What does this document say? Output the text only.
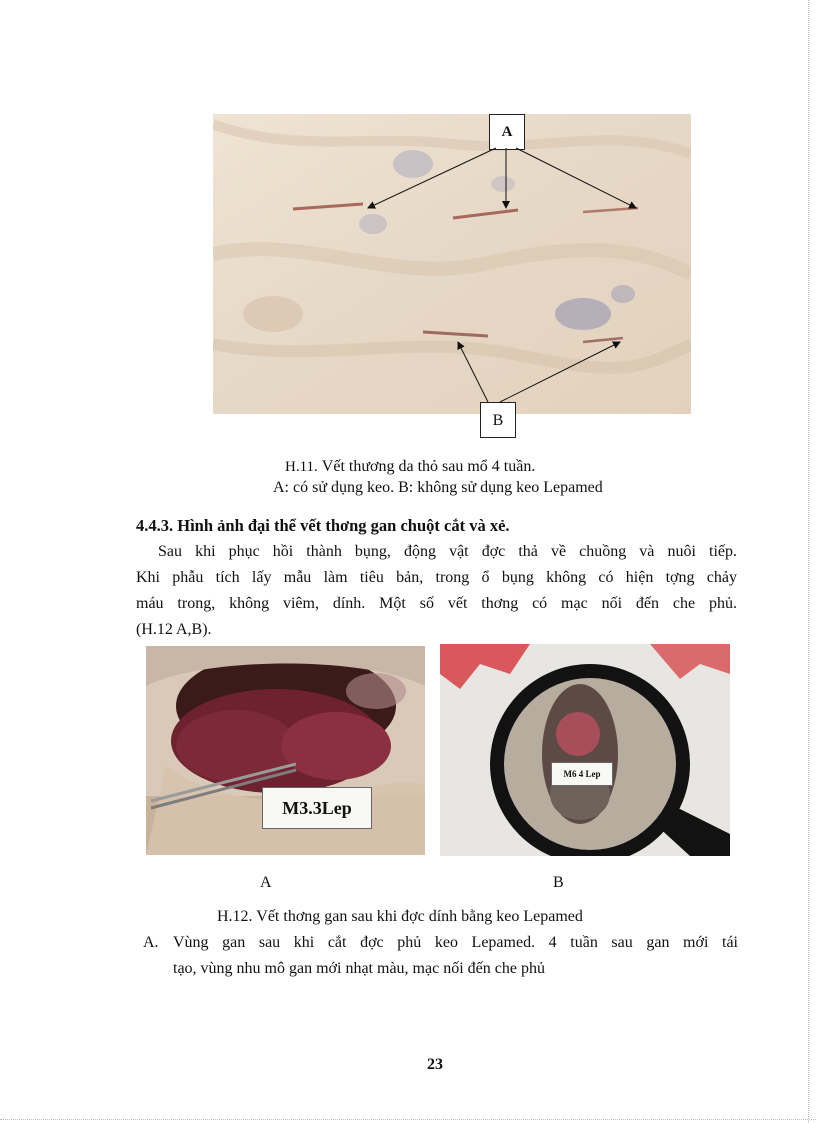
A
B
H.11. Vết thương da thỏ sau mổ 4 tuần.
A: có sử dụng keo. B: không sử dụng keo Lepamed
4.4.3. Hình ảnh đại thể vết thơng gan chuột cắt và xẻ.
Sau khi phục hồi thành bụng, động vật đợc thả về chuồng và nuôi tiếp.
Khi phẫu tích lấy mẫu làm tiêu bản, trong ổ bụng không có hiện tợng chảy
máu trong, không viêm, dính. Một số vết thơng có mạc nối đến che phủ.
(H.12 A,B).
M3.3Lep
M6 4 Lep
A	B
H.12. Vết thơng gan sau khi đợc dính bằng keo Lepamed
A. Vùng gan sau khi cắt đợc phủ keo Lepamed. 4 tuần sau gan mới tái
tạo, vùng nhu mô gan mới nhạt màu, mạc nối đến che phủ
23
